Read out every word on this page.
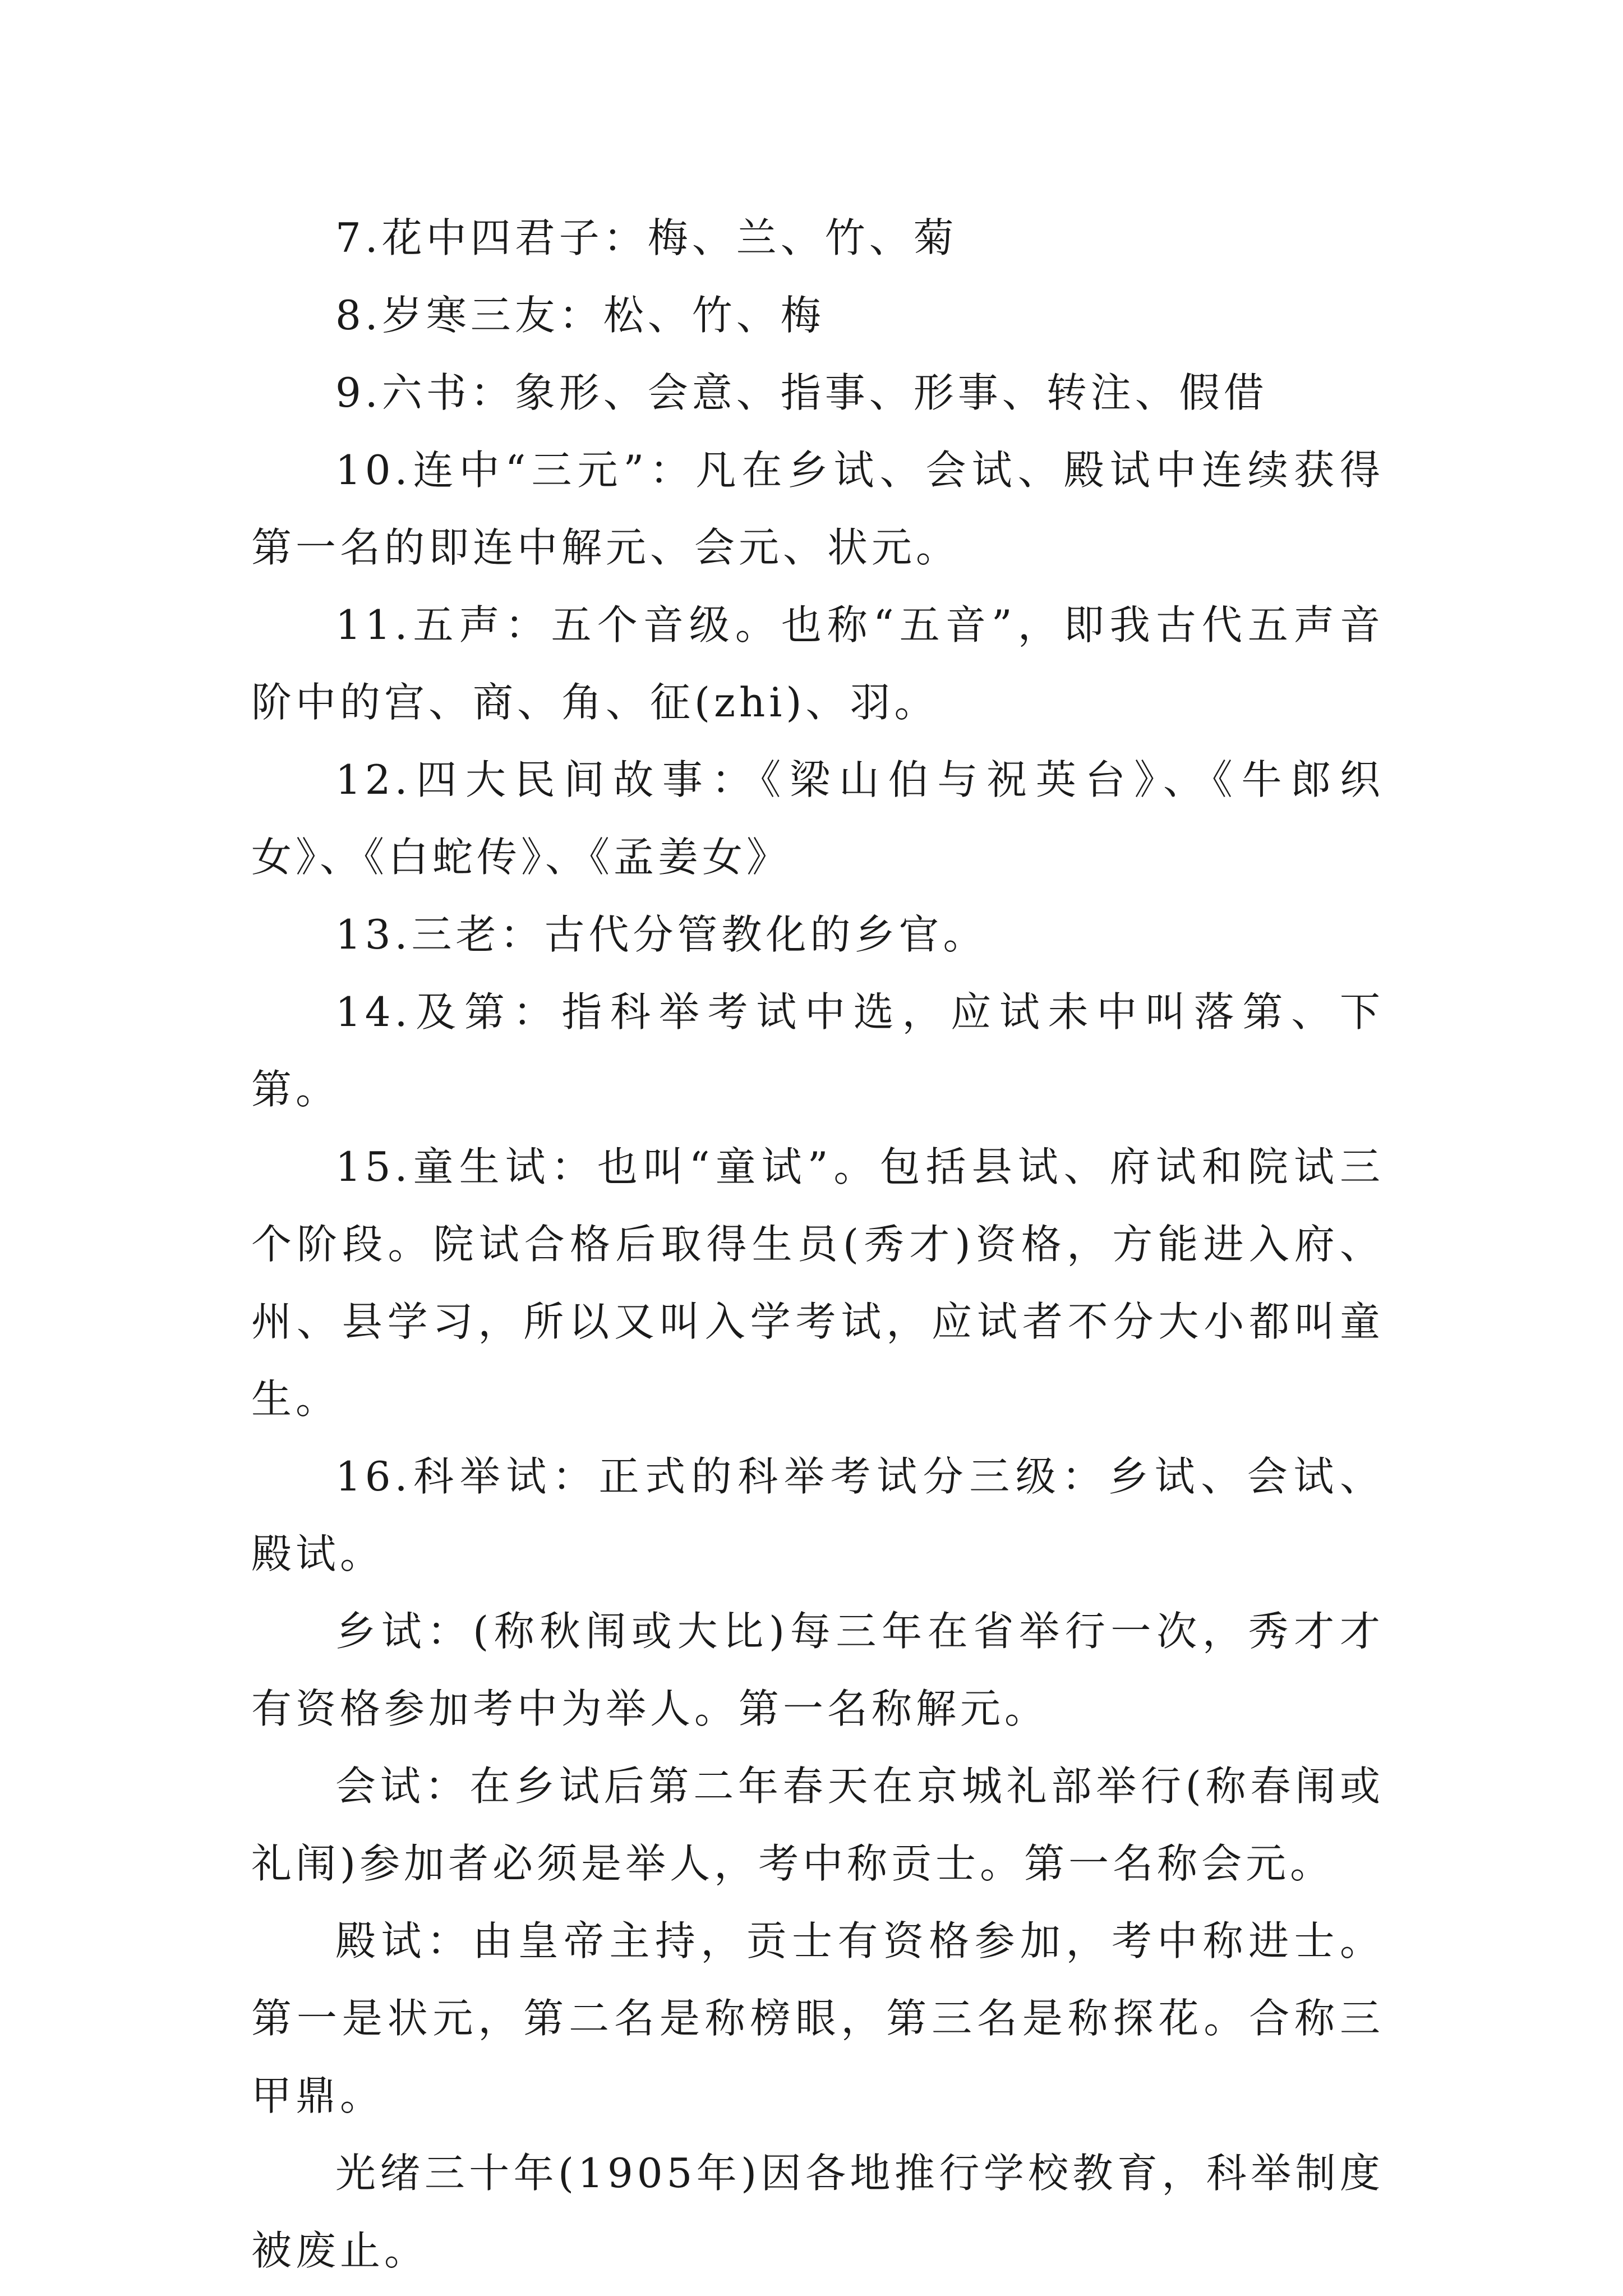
7.花中四君子：梅、兰、竹、菊

8.岁寒三友：松、竹、梅

9.六书：象形、会意、指事、形事、转注、假借

10.连中“三元”：凡在乡试、会试、殿试中连续获得第一名的即连中解元、会元、状元。

11.五声：五个音级。也称“五音”，即我古代五声音阶中的宫、商、角、征(zhi)、羽。

12.四大民间故事：《梁山伯与祝英台》、《牛郎织女》、《白蛇传》、《孟姜女》

13.三老：古代分管教化的乡官。

14.及第：指科举考试中选，应试未中叫落第、下第。

15.童生试：也叫“童试”。包括县试、府试和院试三个阶段。院试合格后取得生员(秀才)资格，方能进入府、州、县学习，所以又叫入学考试，应试者不分大小都叫童生。

16.科举试：正式的科举考试分三级：乡试、会试、殿试。

乡试：(称秋闱或大比)每三年在省举行一次，秀才才有资格参加考中为举人。第一名称解元。

会试：在乡试后第二年春天在京城礼部举行(称春闱或礼闱)参加者必须是举人，考中称贡士。第一名称会元。

殿试：由皇帝主持，贡士有资格参加，考中称进士。第一是状元，第二名是称榜眼，第三名是称探花。合称三甲鼎。

光绪三十年(1905年)因各地推行学校教育，科举制度被废止。
